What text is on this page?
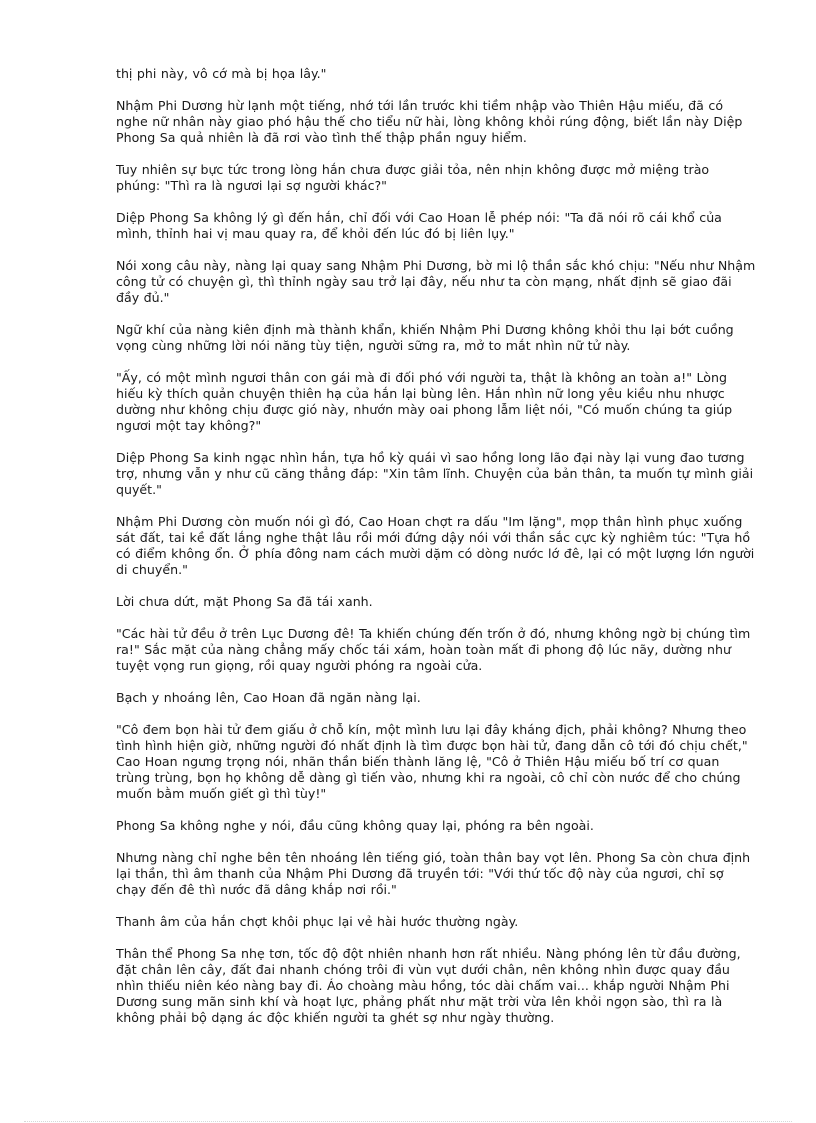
thị phi này, vô cớ mà bị họa lây."

Nhậm Phi Dương hừ lạnh một tiếng, nhớ tới lần trước khi tiềm nhập vào Thiên Hậu miếu, đã có nghe nữ nhân này giao phó hậu thế cho tiểu nữ hài, lòng không khỏi rúng động, biết lần này Diệp Phong Sa quả nhiên là đã rơi vào tình thế thập phần nguy hiểm.

Tuy nhiên sự bực tức trong lòng hắn chưa được giải tỏa, nên nhịn không được mở miệng trào phúng: "Thì ra là ngươi lại sợ người khác?"

Diệp Phong Sa không lý gì đến hắn, chỉ đối với Cao Hoan lễ phép nói: "Ta đã nói rõ cái khổ của mình, thỉnh hai vị mau quay ra, để khỏi đến lúc đó bị liên lụy."

Nói xong câu này, nàng lại quay sang Nhậm Phi Dương, bờ mi lộ thần sắc khó chịu: "Nếu như Nhậm công tử có chuyện gì, thì thỉnh ngày sau trở lại đây, nếu như ta còn mạng, nhất định sẽ giao đãi đầy đủ."

Ngữ khí của nàng kiên định mà thành khẩn, khiến Nhậm Phi Dương không khỏi thu lại bớt cuồng vọng cùng những lời nói năng tùy tiện, người sững ra, mở to mắt nhìn nữ tử này.

"Ấy, có một mình ngươi thân con gái mà đi đối phó với người ta, thật là không an toàn a!" Lòng hiếu kỳ thích quản chuyện thiên hạ của hắn lại bùng lên. Hắn nhìn nữ long yêu kiều nhu nhược dường như không chịu được gió này, nhướn mày oai phong lẫm liệt nói, "Có muốn chúng ta giúp ngươi một tay không?"

Diệp Phong Sa kinh ngạc nhìn hắn, tựa hồ kỳ quái vì sao hồng long lão đại này lại vung đao tương trợ, nhưng vẫn y như cũ căng thẳng đáp: "Xin tâm lĩnh. Chuyện của bản thân, ta muốn tự mình giải quyết."

Nhậm Phi Dương còn muốn nói gì đó, Cao Hoan chợt ra dấu "Im lặng", mọp thân hình phục xuống sát đất, tai kề đất lắng nghe thật lâu rồi mới đứng dậy nói với thần sắc cực kỳ nghiêm túc: "Tựa hồ có điểm không ổn. Ở phía đông nam cách mười dặm có dòng nước lớ đê, lại có một lượng lớn người di chuyển."

Lời chưa dứt, mặt Phong Sa đã tái xanh.

"Các hài tử đều ở trên Lục Dương đê! Ta khiến chúng đến trốn ở đó, nhưng không ngờ bị chúng tìm ra!" Sắc mặt của nàng chẳng mấy chốc tái xám, hoàn toàn mất đi phong độ lúc nãy, dường như tuyệt vọng run giọng, rồi quay người phóng ra ngoài cửa.

Bạch y nhoáng lên, Cao Hoan đã ngăn nàng lại.

"Cô đem bọn hài tử đem giấu ở chỗ kín, một mình lưu lại đây kháng địch, phải không? Nhưng theo tình hình hiện giờ, những người đó nhất định là tìm được bọn hài tử, đang dẫn cô tới đó chịu chết," Cao Hoan ngưng trọng nói, nhãn thần biến thành lăng lệ, "Cô ở Thiên Hậu miếu bố trí cơ quan trùng trùng, bọn họ không dễ dàng gì tiến vào, nhưng khi ra ngoài, cô chỉ còn nước để cho chúng muốn bằm muốn giết gì thì tùy!"

Phong Sa không nghe y nói, đầu cũng không quay lại, phóng ra bên ngoài.

Nhưng nàng chỉ nghe bên tên nhoáng lên tiếng gió, toàn thân bay vọt lên. Phong Sa còn chưa định lại thần, thì âm thanh của Nhậm Phi Dương đã truyền tới: "Với thứ tốc độ này của ngươi, chỉ sợ chạy đến đê thì nước đã dâng khắp nơi rồi."

Thanh âm của hắn chợt khôi phục lại vẻ hài hước thường ngày.

Thân thể Phong Sa nhẹ tơn, tốc độ đột nhiên nhanh hơn rất nhiều. Nàng phóng lên từ đầu đường, đặt chân lên cây, đất đai nhanh chóng trôi đi vùn vụt dưới chân, nên không nhìn được quay đầu nhìn thiếu niên kéo nàng bay đi. Áo choàng màu hồng, tóc dài chấm vai... khắp người Nhậm Phi Dương sung mãn sinh khí và hoạt lực, phảng phất như mặt trời vừa lên khỏi ngọn sào, thì ra là không phải bộ dạng ác độc khiến người ta ghét sợ như ngày thường.
